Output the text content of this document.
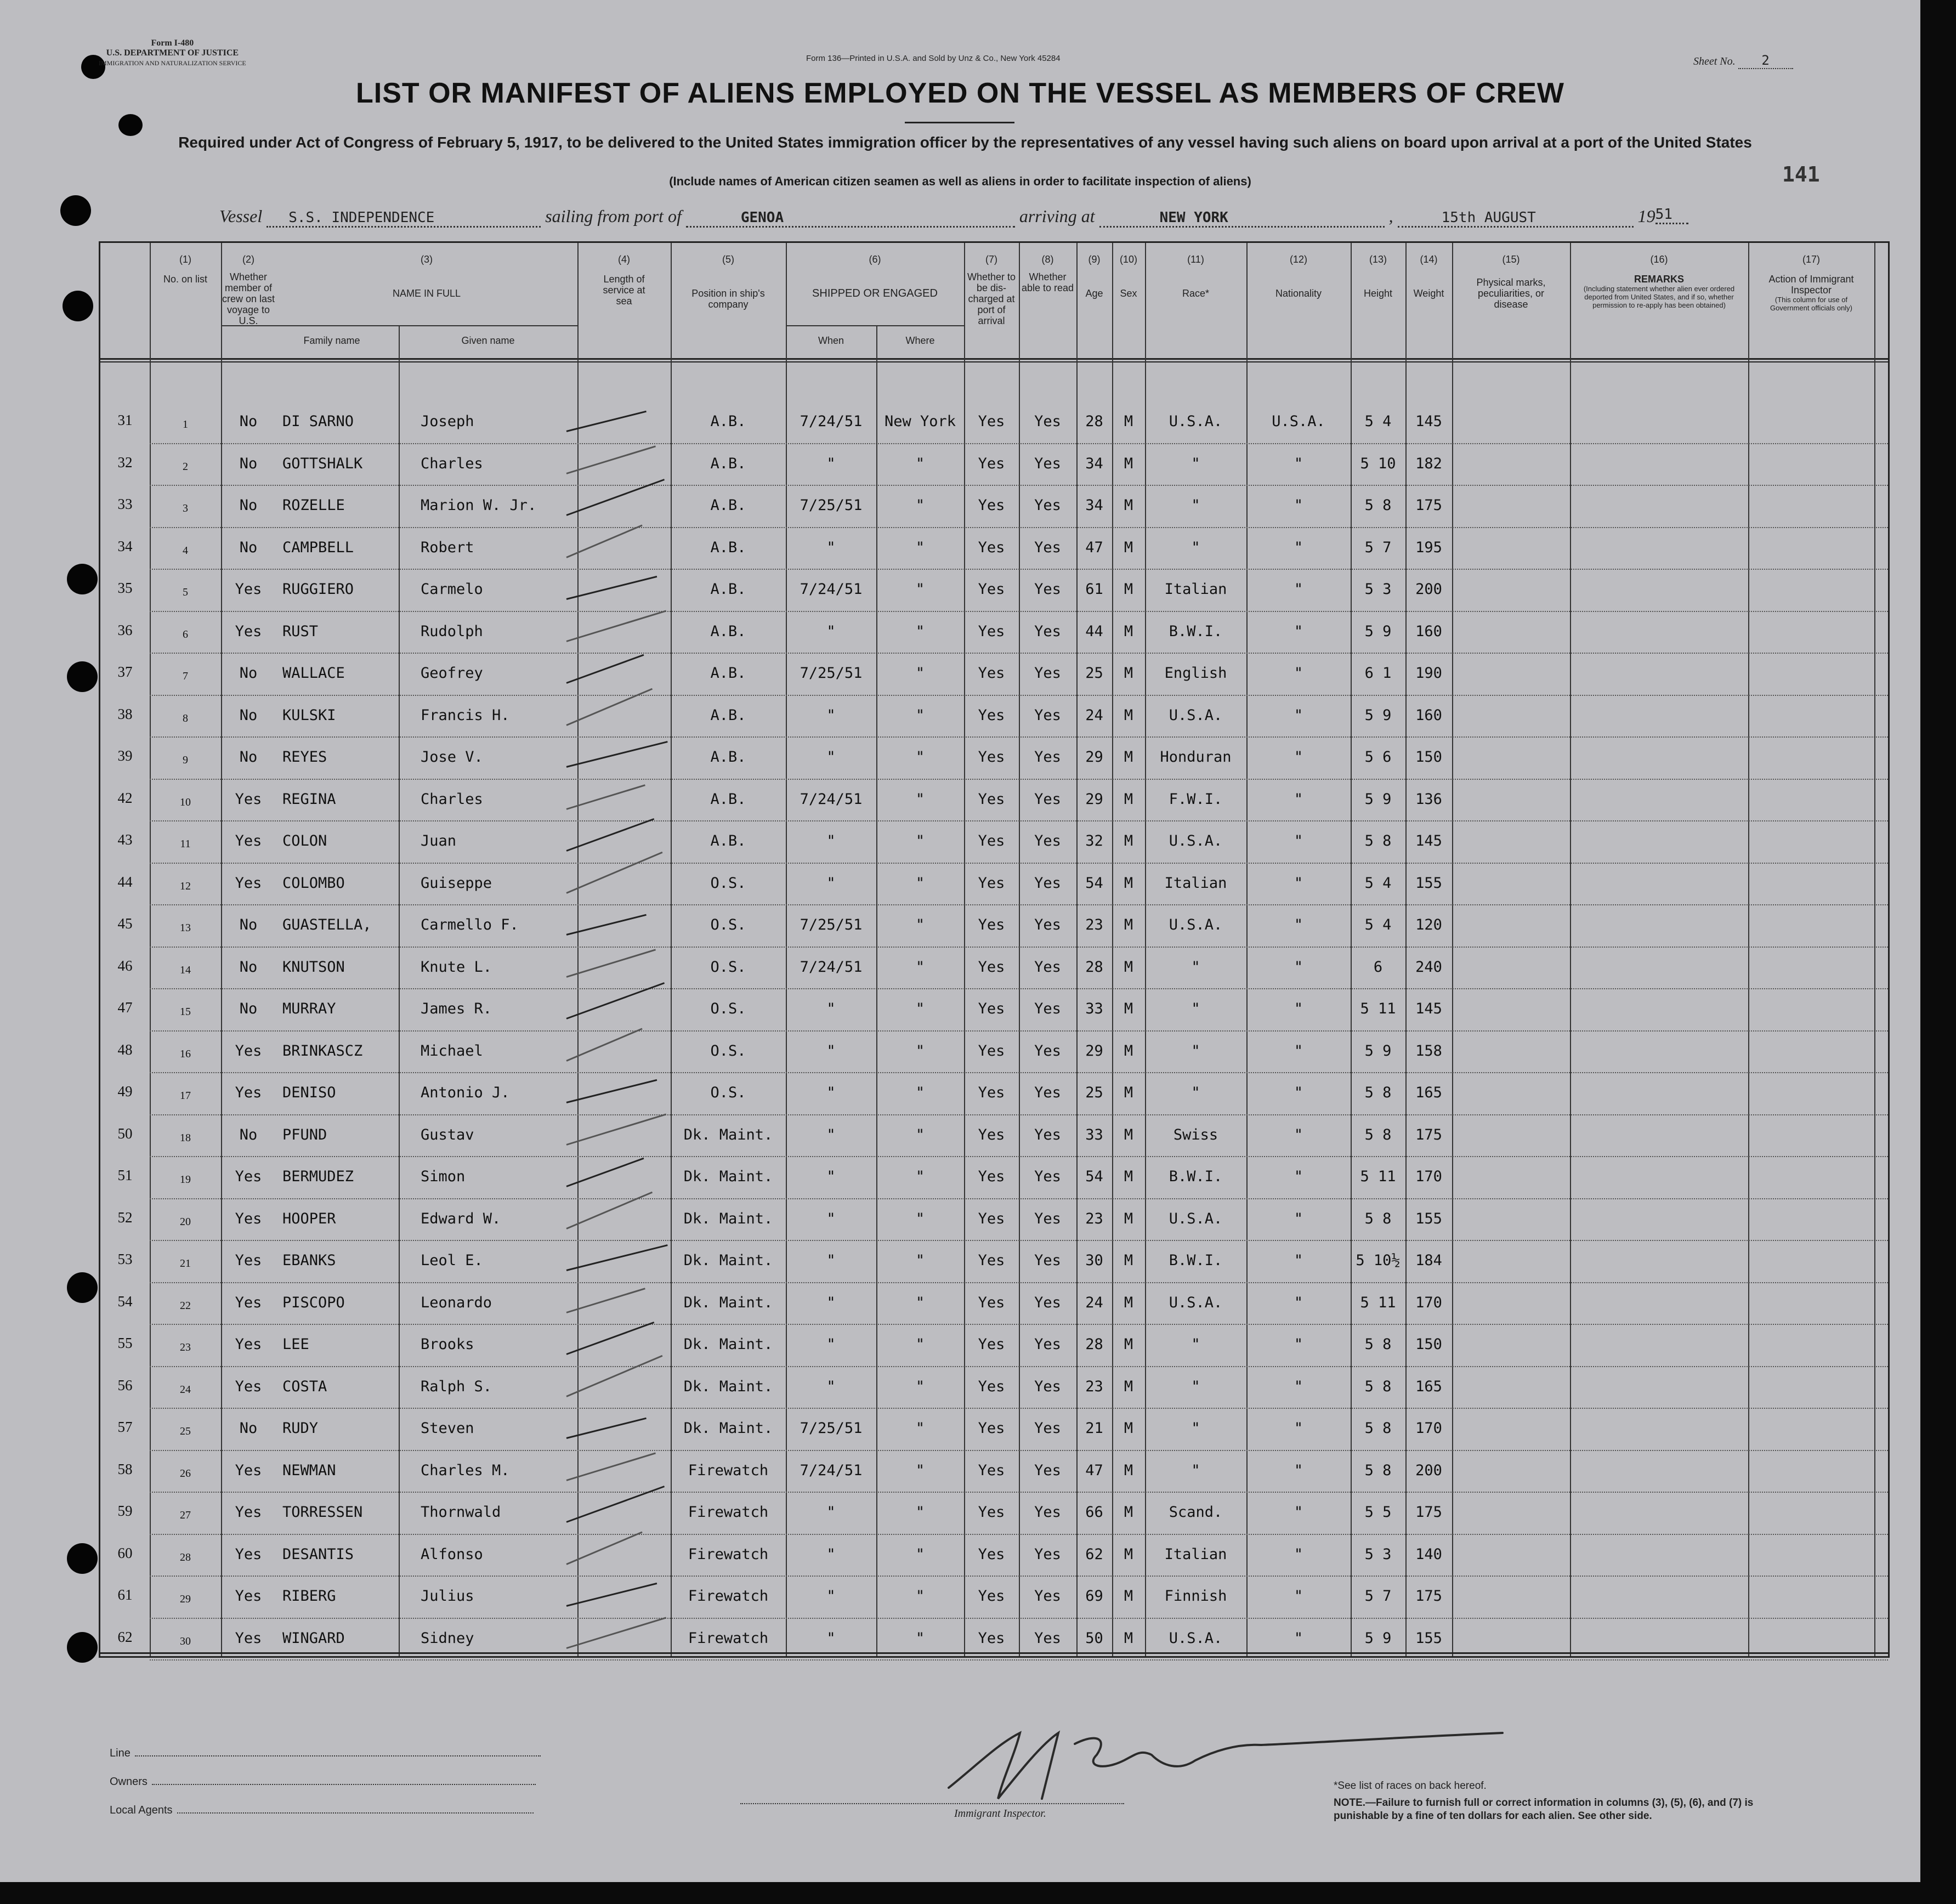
Form I-480
U.S. DEPARTMENT OF JUSTICE
IMMIGRATION AND NATURALIZATION SERVICE	Form 136—Printed in U.S.A. and Sold by Unz & Co., New York 45284	Sheet No. 2
LIST OR MANIFEST OF ALIENS EMPLOYED ON THE VESSEL AS MEMBERS OF CREW
Required under Act of Congress of February 5, 1917, to be delivered to the United States immigration officer by the representatives of any vessel having such aliens on board upon arrival at a port of the United States
(Include names of American citizen seamen as well as aliens in order to facilitate inspection of aliens)	141
Vessel S.S. INDEPENDENCE	sailing from port of	GENOA	arriving at	NEW YORK	,	15th AUGUST	1951
(1)
No. on list
(2)
Whether member of crew on last voyage to U.S.
(3)
NAME IN FULL
Family name	Given name
(4)
Length of service at sea
(5)
Position in ship's company
(6)
SHIPPED OR ENGAGED
When	Where
(7)
Whether to be dis-charged at port of arrival
(8)
Whether able to read
(9)
Age
(10)
Sex
(11)
Race*
(12)
Nationality
(13)
Height
(14)
Weight
(15)
Physical marks, peculiarities, or disease
(16)
REMARKS
(Including statement whether alien ever ordered deported from United States, and if so, whether permission to re-apply has been obtained)
(17)
Action of Immigrant Inspector
(This column for use of Government officials only)
31	1	No	DI SARNO	Joseph	A.B.	7/24/51	New York	Yes	Yes	28	M	U.S.A.	U.S.A.	5 4	145
32	2	No	GOTTSHALK	Charles	A.B.	"	"	Yes	Yes	34	M	"	"	5 10	182
33	3	No	ROZELLE	Marion W. Jr.	A.B.	7/25/51	"	Yes	Yes	34	M	"	"	5 8	175
34	4	No	CAMPBELL	Robert	A.B.	"	"	Yes	Yes	47	M	"	"	5 7	195
35	5	Yes	RUGGIERO	Carmelo	A.B.	7/24/51	"	Yes	Yes	61	M	Italian	"	5 3	200
36	6	Yes	RUST	Rudolph	A.B.	"	"	Yes	Yes	44	M	B.W.I.	"	5 9	160
37	7	No	WALLACE	Geofrey	A.B.	7/25/51	"	Yes	Yes	25	M	English	"	6 1	190
38	8	No	KULSKI	Francis H.	A.B.	"	"	Yes	Yes	24	M	U.S.A.	"	5 9	160
39	9	No	REYES	Jose V.	A.B.	"	"	Yes	Yes	29	M	Honduran	"	5 6	150
42	10	Yes	REGINA	Charles	A.B.	7/24/51	"	Yes	Yes	29	M	F.W.I.	"	5 9	136
43	11	Yes	COLON	Juan	A.B.	"	"	Yes	Yes	32	M	U.S.A.	"	5 8	145
44	12	Yes	COLOMBO	Guiseppe	O.S.	"	"	Yes	Yes	54	M	Italian	"	5 4	155
45	13	No	GUASTELLA,	Carmello F.	O.S.	7/25/51	"	Yes	Yes	23	M	U.S.A.	"	5 4	120
46	14	No	KNUTSON	Knute L.	O.S.	7/24/51	"	Yes	Yes	28	M	"	"	6	240
47	15	No	MURRAY	James R.	O.S.	"	"	Yes	Yes	33	M	"	"	5 11	145
48	16	Yes	BRINKASCZ	Michael	O.S.	"	"	Yes	Yes	29	M	"	"	5 9	158
49	17	Yes	DENISO	Antonio J.	O.S.	"	"	Yes	Yes	25	M	"	"	5 8	165
50	18	No	PFUND	Gustav	Dk. Maint.	"	"	Yes	Yes	33	M	Swiss	"	5 8	175
51	19	Yes	BERMUDEZ	Simon	Dk. Maint.	"	"	Yes	Yes	54	M	B.W.I.	"	5 11	170
52	20	Yes	HOOPER	Edward W.	Dk. Maint.	"	"	Yes	Yes	23	M	U.S.A.	"	5 8	155
53	21	Yes	EBANKS	Leol E.	Dk. Maint.	"	"	Yes	Yes	30	M	B.W.I.	"	5 10½	184
54	22	Yes	PISCOPO	Leonardo	Dk. Maint.	"	"	Yes	Yes	24	M	U.S.A.	"	5 11	170
55	23	Yes	LEE	Brooks	Dk. Maint.	"	"	Yes	Yes	28	M	"	"	5 8	150
56	24	Yes	COSTA	Ralph S.	Dk. Maint.	"	"	Yes	Yes	23	M	"	"	5 8	165
57	25	No	RUDY	Steven	Dk. Maint.	7/25/51	"	Yes	Yes	21	M	"	"	5 8	170
58	26	Yes	NEWMAN	Charles M.	Firewatch	7/24/51	"	Yes	Yes	47	M	"	"	5 8	200
59	27	Yes	TORRESSEN	Thornwald	Firewatch	"	"	Yes	Yes	66	M	Scand.	"	5 5	175
60	28	Yes	DESANTIS	Alfonso	Firewatch	"	"	Yes	Yes	62	M	Italian	"	5 3	140
61	29	Yes	RIBERG	Julius	Firewatch	"	"	Yes	Yes	69	M	Finnish	"	5 7	175
62	30	Yes	WINGARD	Sidney	Firewatch	"	"	Yes	Yes	50	M	U.S.A.	"	5 9	155
Line
Owners
Local Agents	Immigrant Inspector.
*See list of races on back hereof.
NOTE.—Failure to furnish full or correct information in columns (3), (5), (6), and (7) is punishable by a fine of ten dollars for each alien. See other side.
